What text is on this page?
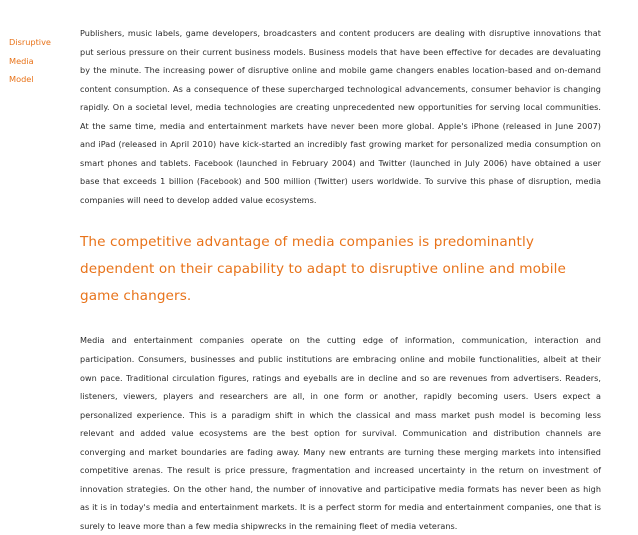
Disruptive
Media
Model

Publishers, music labels, game developers, broadcasters and content producers are dealing with disruptive innovations that put serious pressure on their current business models. Business models that have been effective for decades are devaluating by the minute. The increasing power of disruptive online and mobile game changers enables location-based and on-demand content consumption. As a consequence of these supercharged technological advancements, consumer behavior is changing rapidly. On a societal level, media technologies are creating unprecedented new opportunities for serving local communities. At the same time, media and entertainment markets have never been more global. Apple's iPhone (released in June 2007) and iPad (released in April 2010) have kick-started an incredibly fast growing market for personalized media consumption on smart phones and tablets. Facebook (launched in February 2004) and Twitter (launched in July 2006) have obtained a user base that exceeds 1 billion (Facebook) and 500 million (Twitter) users worldwide. To survive this phase of disruption, media companies will need to develop added value ecosystems.

The competitive advantage of media companies is predominantly dependent on their capability to adapt to disruptive online and mobile game changers.

Media and entertainment companies operate on the cutting edge of information, communication, interaction and participation. Consumers, businesses and public institutions are embracing online and mobile functionalities, albeit at their own pace. Traditional circulation figures, ratings and eyeballs are in decline and so are revenues from advertisers. Readers, listeners, viewers, players and researchers are all, in one form or another, rapidly becoming users. Users expect a personalized experience. This is a paradigm shift in which the classical and mass market push model is becoming less relevant and added value ecosystems are the best option for survival. Communication and distribution channels are converging and market boundaries are fading away. Many new entrants are turning these merging markets into intensified competitive arenas. The result is price pressure, fragmentation and increased uncertainty in the return on investment of innovation strategies. On the other hand, the number of innovative and participative media formats has never been as high as it is in today's media and entertainment markets. It is a perfect storm for media and entertainment companies, one that is surely to leave more than a few media shipwrecks in the remaining fleet of media veterans.
